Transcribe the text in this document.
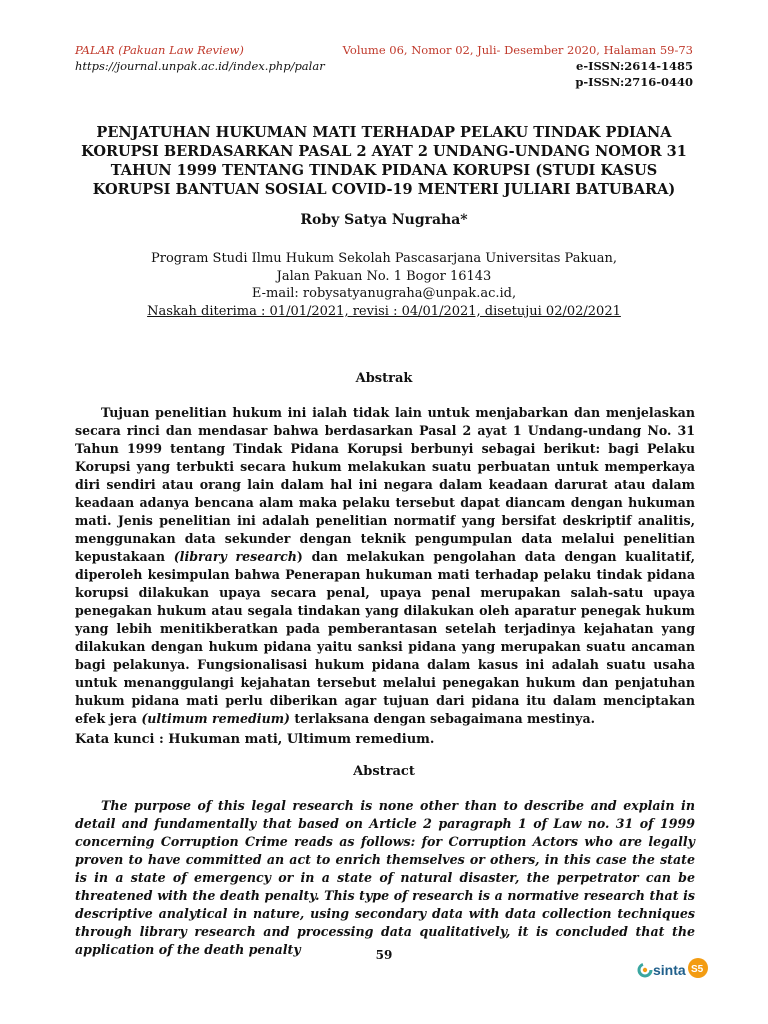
PALAR (Pakuan Law Review)
https://journal.unpak.ac.id/index.php/palar
Volume 06, Nomor 02, Juli- Desember 2020, Halaman 59-73
e-ISSN:2614-1485
p-ISSN:2716-0440
PENJATUHAN HUKUMAN MATI TERHADAP PELAKU TINDAK PDIANA KORUPSI BERDASARKAN PASAL 2 AYAT 2 UNDANG-UNDANG NOMOR 31 TAHUN 1999 TENTANG TINDAK PIDANA KORUPSI (STUDI KASUS KORUPSI BANTUAN SOSIAL COVID-19 MENTERI JULIARI BATUBARA)
Roby Satya Nugraha*
Program Studi Ilmu Hukum Sekolah Pascasarjana Universitas Pakuan,
Jalan Pakuan No. 1 Bogor 16143
E-mail: robysatyanugraha@unpak.ac.id,
Naskah diterima : 01/01/2021, revisi : 04/01/2021, disetujui 02/02/2021
Abstrak
Tujuan penelitian hukum ini ialah tidak lain untuk menjabarkan dan menjelaskan secara rinci dan mendasar bahwa berdasarkan Pasal 2 ayat 1 Undang-undang No. 31 Tahun 1999 tentang Tindak Pidana Korupsi berbunyi sebagai berikut: bagi Pelaku Korupsi yang terbukti secara hukum melakukan suatu perbuatan untuk memperkaya diri sendiri atau orang lain dalam hal ini negara dalam keadaan darurat atau dalam keadaan adanya bencana alam maka pelaku tersebut dapat diancam dengan hukuman mati. Jenis penelitian ini adalah penelitian normatif yang bersifat deskriptif analitis, menggunakan data sekunder dengan teknik pengumpulan data melalui penelitian kepustakaan (library research) dan melakukan pengolahan data dengan kualitatif, diperoleh kesimpulan bahwa Penerapan hukuman mati terhadap pelaku tindak pidana korupsi dilakukan upaya secara penal, upaya penal merupakan salah-satu upaya penegakan hukum atau segala tindakan yang dilakukan oleh aparatur penegak hukum yang lebih menitikberatkan pada pemberantasan setelah terjadinya kejahatan yang dilakukan dengan hukum pidana yaitu sanksi pidana yang merupakan suatu ancaman bagi pelakunya. Fungsionalisasi hukum pidana dalam kasus ini adalah suatu usaha untuk menanggulangi kejahatan tersebut melalui penegakan hukum dan penjatuhan hukum pidana mati perlu diberikan agar tujuan dari pidana itu dalam menciptakan efek jera (ultimum remedium) terlaksana dengan sebagaimana mestinya.
Kata kunci : Hukuman mati, Ultimum remedium.
Abstract
The purpose of this legal research is none other than to describe and explain in detail and fundamentally that based on Article 2 paragraph 1 of Law no. 31 of 1999 concerning Corruption Crime reads as follows: for Corruption Actors who are legally proven to have committed an act to enrich themselves or others, in this case the state is in a state of emergency or in a state of natural disaster, the perpetrator can be threatened with the death penalty. This type of research is a normative research that is descriptive analytical in nature, using secondary data with data collection techniques through library research and processing data qualitatively, it is concluded that the application of the death penalty	59
sinta S5
